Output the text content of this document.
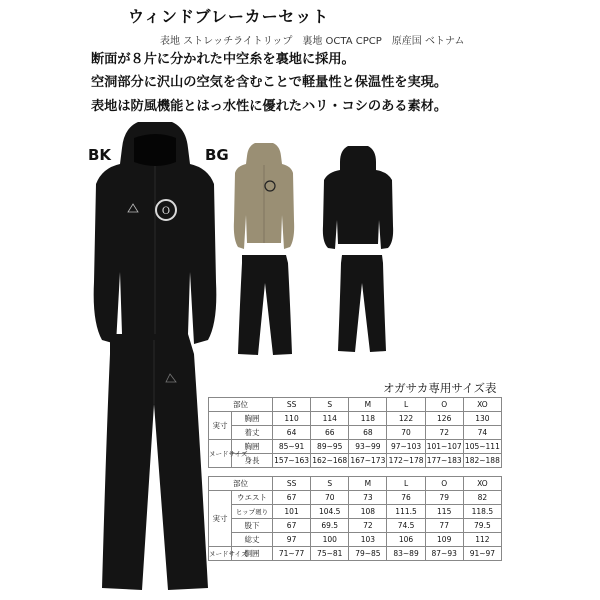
ウィンドブレーカーセット
表地 ストレッチライトリップ　裏地 OCTA CPCP　原産国 ベトナム
断面が８片に分かれた中空糸を裏地に採用。
空洞部分に沢山の空気を含むことで軽量性と保温性を実現。
表地は防風機能とはっ水性に優れたハリ・コシのある素材。
BK	BG
O
オガサカ専用サイズ表
部位		SS	S	M	L	O	XO
実寸	胸囲	110	114	118	122	126	130
	着丈	64	66	68	70	72	74
ヌードサイズ	胸囲	85~91	89~95	93~99	97~103	101~107	105~111
	身長	157~163	162~168	167~173	172~178	177~183	182~188
部位		SS	S	M	L	O	XO
実寸	ウエスト	67	70	73	76	79	82
	ヒップ廻り	101	104.5	108	111.5	115	118.5
	股下	67	69.5	72	74.5	77	79.5
	総丈	97	100	103	106	109	112
ヌードサイズ	胴囲	71~77	75~81	79~85	83~89	87~93	91~97
